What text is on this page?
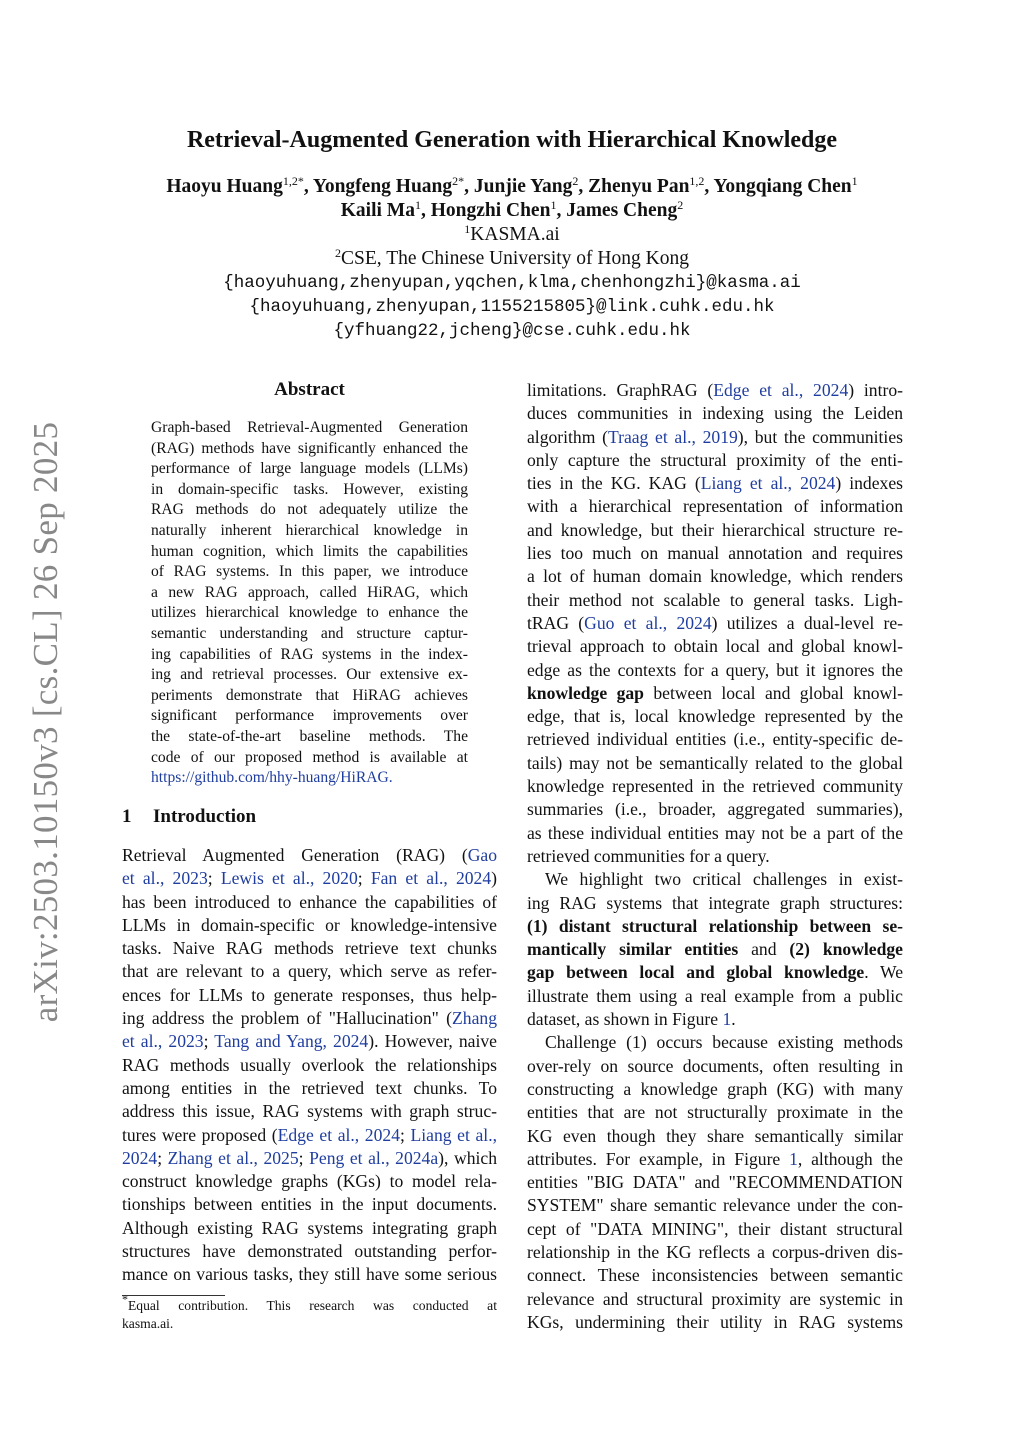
arXiv:2503.10150v3 [cs.CL] 26 Sep 2025
Retrieval-Augmented Generation with Hierarchical Knowledge
Haoyu Huang$^{1,2*}$, Yongfeng Huang$^{2*}$, Junjie Yang$^2$, Zhenyu Pan$^{1,2}$, Yongqiang Chen$^1$
Kaili Ma$^1$, Hongzhi Chen$^1$, James Cheng$^2$
$^1$KASMA.ai
$^2$CSE, The Chinese University of Hong Kong
{haoyuhuang,zhenyupan,yqchen,klma,chenhongzhi}@kasma.ai
{haoyuhuang,zhenyupan,1155215805}@link.cuhk.edu.hk
{yfhuang22,jcheng}@cse.cuhk.edu.hk
Abstract
Graph-based Retrieval-Augmented Generation
(RAG) methods have significantly enhanced the
performance of large language models (LLMs)
in domain-specific tasks. However, existing
RAG methods do not adequately utilize the
naturally inherent hierarchical knowledge in
human cognition, which limits the capabilities
of RAG systems. In this paper, we introduce
a new RAG approach, called HiRAG, which
utilizes hierarchical knowledge to enhance the
semantic understanding and structure captur-
ing capabilities of RAG systems in the index-
ing and retrieval processes. Our extensive ex-
periments demonstrate that HiRAG achieves
significant performance improvements over
the state-of-the-art baseline methods. The
code of our proposed method is available at
https://github.com/hhy-huang/HiRAG.
1 Introduction
Retrieval Augmented Generation (RAG) (Gao
et al., 2023; Lewis et al., 2020; Fan et al., 2024)
has been introduced to enhance the capabilities of
LLMs in domain-specific or knowledge-intensive
tasks. Naive RAG methods retrieve text chunks
that are relevant to a query, which serve as refer-
ences for LLMs to generate responses, thus help-
ing address the problem of "Hallucination" (Zhang
et al., 2023; Tang and Yang, 2024). However, naive
RAG methods usually overlook the relationships
among entities in the retrieved text chunks. To
address this issue, RAG systems with graph struc-
tures were proposed (Edge et al., 2024; Liang et al.,
2024; Zhang et al., 2025; Peng et al., 2024a), which
construct knowledge graphs (KGs) to model rela-
tionships between entities in the input documents.
Although existing RAG systems integrating graph
structures have demonstrated outstanding perfor-
mance on various tasks, they still have some serious
*Equal contribution. This research was conducted at
kasma.ai.
limitations. GraphRAG (Edge et al., 2024) intro-
duces communities in indexing using the Leiden
algorithm (Traag et al., 2019), but the communities
only capture the structural proximity of the enti-
ties in the KG. KAG (Liang et al., 2024) indexes
with a hierarchical representation of information
and knowledge, but their hierarchical structure re-
lies too much on manual annotation and requires
a lot of human domain knowledge, which renders
their method not scalable to general tasks. Ligh-
tRAG (Guo et al., 2024) utilizes a dual-level re-
trieval approach to obtain local and global knowl-
edge as the contexts for a query, but it ignores the
knowledge gap between local and global knowl-
edge, that is, local knowledge represented by the
retrieved individual entities (i.e., entity-specific de-
tails) may not be semantically related to the global
knowledge represented in the retrieved community
summaries (i.e., broader, aggregated summaries),
as these individual entities may not be a part of the
retrieved communities for a query.
We highlight two critical challenges in exist-
ing RAG systems that integrate graph structures:
(1) distant structural relationship between se-
mantically similar entities and (2) knowledge
gap between local and global knowledge. We
illustrate them using a real example from a public
dataset, as shown in Figure 1.
Challenge (1) occurs because existing methods
over-rely on source documents, often resulting in
constructing a knowledge graph (KG) with many
entities that are not structurally proximate in the
KG even though they share semantically similar
attributes. For example, in Figure 1, although the
entities "BIG DATA" and "RECOMMENDATION
SYSTEM" share semantic relevance under the con-
cept of "DATA MINING", their distant structural
relationship in the KG reflects a corpus-driven dis-
connect. These inconsistencies between semantic
relevance and structural proximity are systemic in
KGs, undermining their utility in RAG systems
